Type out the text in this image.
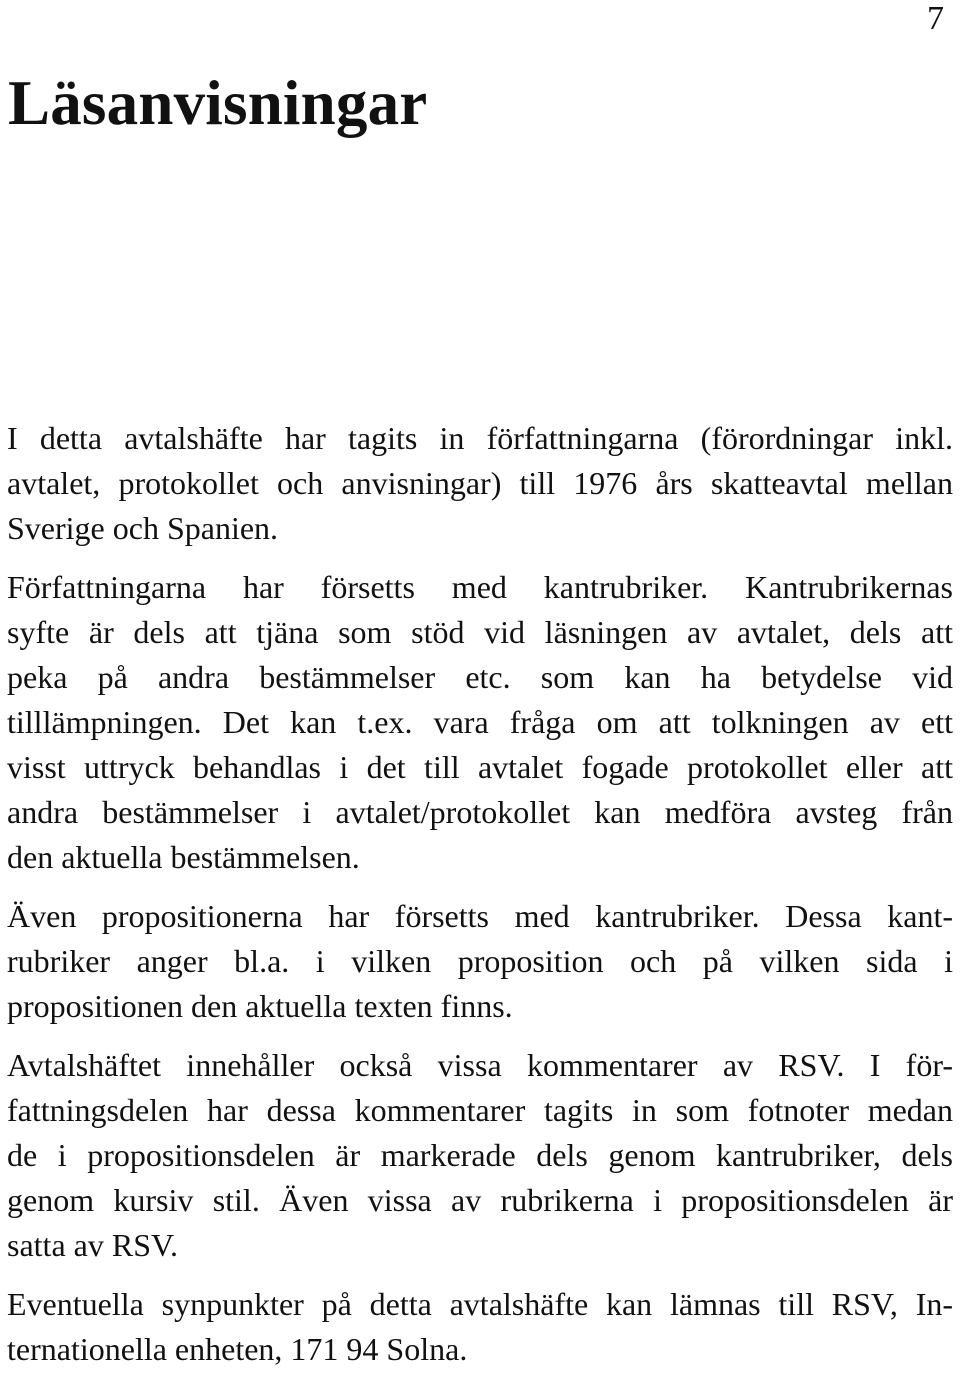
7
Läsanvisningar

I detta avtalshäfte har tagits in författningarna (förordningar inkl.
avtalet, protokollet och anvisningar) till 1976 års skatteavtal mellan
Sverige och Spanien.

Författningarna har försetts med kantrubriker. Kantrubrikernas
syfte är dels att tjäna som stöd vid läsningen av avtalet, dels att
peka på andra bestämmelser etc. som kan ha betydelse vid
tilllämpningen. Det kan t.ex. vara fråga om att tolkningen av ett
visst uttryck behandlas i det till avtalet fogade protokollet eller att
andra bestämmelser i avtalet/protokollet kan medföra avsteg från
den aktuella bestämmelsen.

Även propositionerna har försetts med kantrubriker. Dessa kant-
rubriker anger bl.a. i vilken proposition och på vilken sida i
propositionen den aktuella texten finns.

Avtalshäftet innehåller också vissa kommentarer av RSV. I för-
fattningsdelen har dessa kommentarer tagits in som fotnoter medan
de i propositionsdelen är markerade dels genom kantrubriker, dels
genom kursiv stil. Även vissa av rubrikerna i propositionsdelen är
satta av RSV.

Eventuella synpunkter på detta avtalshäfte kan lämnas till RSV, In-
ternationella enheten, 171 94 Solna.
